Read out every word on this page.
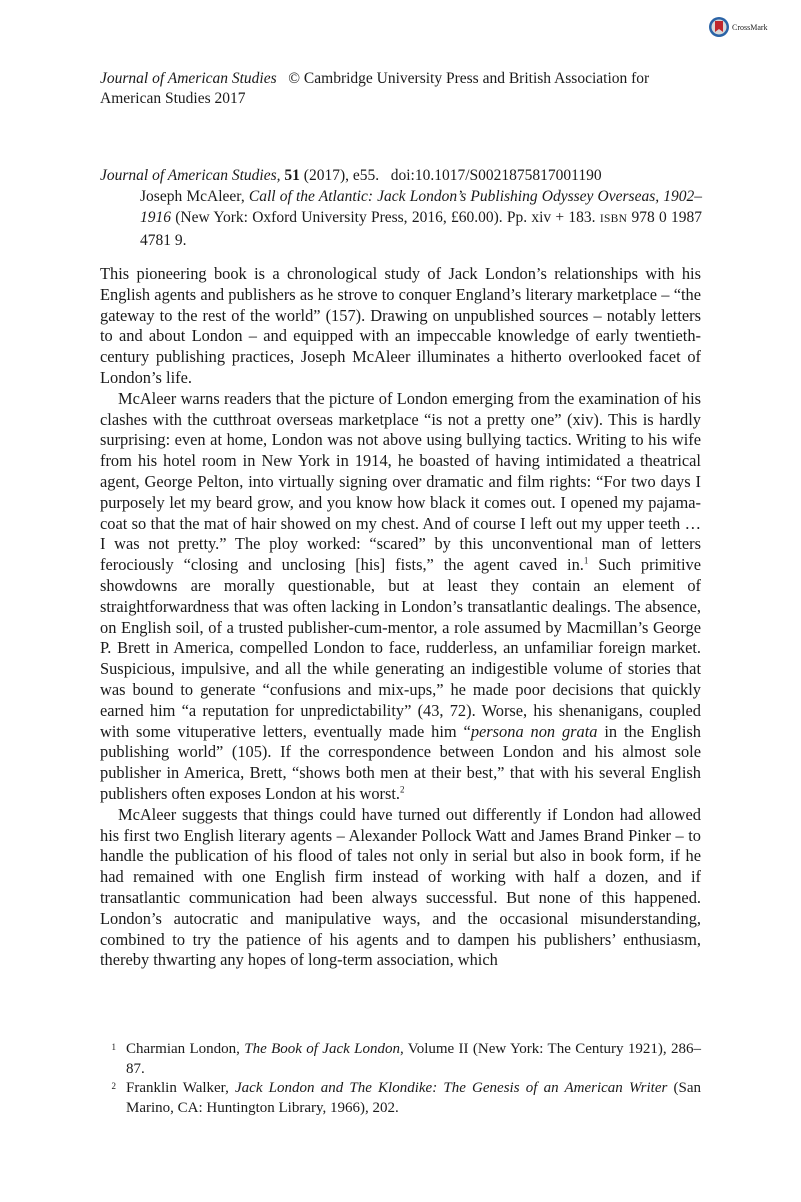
CrossMark
Journal of American Studies © Cambridge University Press and British Association for American Studies 2017
Journal of American Studies, 51 (2017), e55. doi:10.1017/S0021875817001190
Joseph McAleer, Call of the Atlantic: Jack London’s Publishing Odyssey Overseas, 1902–1916 (New York: Oxford University Press, 2016, £60.00). Pp. xiv + 183. ISBN 978 0 1987 4781 9.

This pioneering book is a chronological study of Jack London’s relationships with his English agents and publishers as he strove to conquer England’s literary marketplace – “the gateway to the rest of the world” (157). Drawing on unpublished sources – notably letters to and about London – and equipped with an impeccable knowledge of early twentieth-century publishing practices, Joseph McAleer illuminates a hitherto overlooked facet of London’s life.

McAleer warns readers that the picture of London emerging from the examination of his clashes with the cutthroat overseas marketplace “is not a pretty one” (xiv). This is hardly surprising: even at home, London was not above using bullying tactics. Writing to his wife from his hotel room in New York in 1914, he boasted of having intimidated a theatrical agent, George Pelton, into virtually signing over dramatic and film rights: “For two days I purposely let my beard grow, and you know how black it comes out. I opened my pajama-coat so that the mat of hair showed on my chest. And of course I left out my upper teeth … I was not pretty.” The ploy worked: “scared” by this unconventional man of letters ferociously “closing and unclosing [his] fists,” the agent caved in.$^1$ Such primitive showdowns are morally questionable, but at least they contain an element of straightforwardness that was often lacking in London’s transatlantic dealings. The absence, on English soil, of a trusted publisher-cum-mentor, a role assumed by Macmillan’s George P. Brett in America, compelled London to face, rudderless, an unfamiliar foreign market. Suspicious, impulsive, and all the while generating an indigestible volume of stories that was bound to generate “confusions and mix-ups,” he made poor decisions that quickly earned him “a reputation for unpredictability” (43, 72). Worse, his shenanigans, coupled with some vituperative letters, eventually made him “persona non grata in the English publishing world” (105). If the correspondence between London and his almost sole publisher in America, Brett, “shows both men at their best,” that with his several English publishers often exposes London at his worst.$^2$

McAleer suggests that things could have turned out differently if London had allowed his first two English literary agents – Alexander Pollock Watt and James Brand Pinker – to handle the publication of his flood of tales not only in serial but also in book form, if he had remained with one English firm instead of working with half a dozen, and if transatlantic communication had been always successful. But none of this happened. London’s autocratic and manipulative ways, and the occasional misunderstanding, combined to try the patience of his agents and to dampen his publishers’ enthusiasm, thereby thwarting any hopes of long-term association, which

1 Charmian London, The Book of Jack London, Volume II (New York: The Century 1921), 286–87.
2 Franklin Walker, Jack London and The Klondike: The Genesis of an American Writer (San Marino, CA: Huntington Library, 1966), 202.
